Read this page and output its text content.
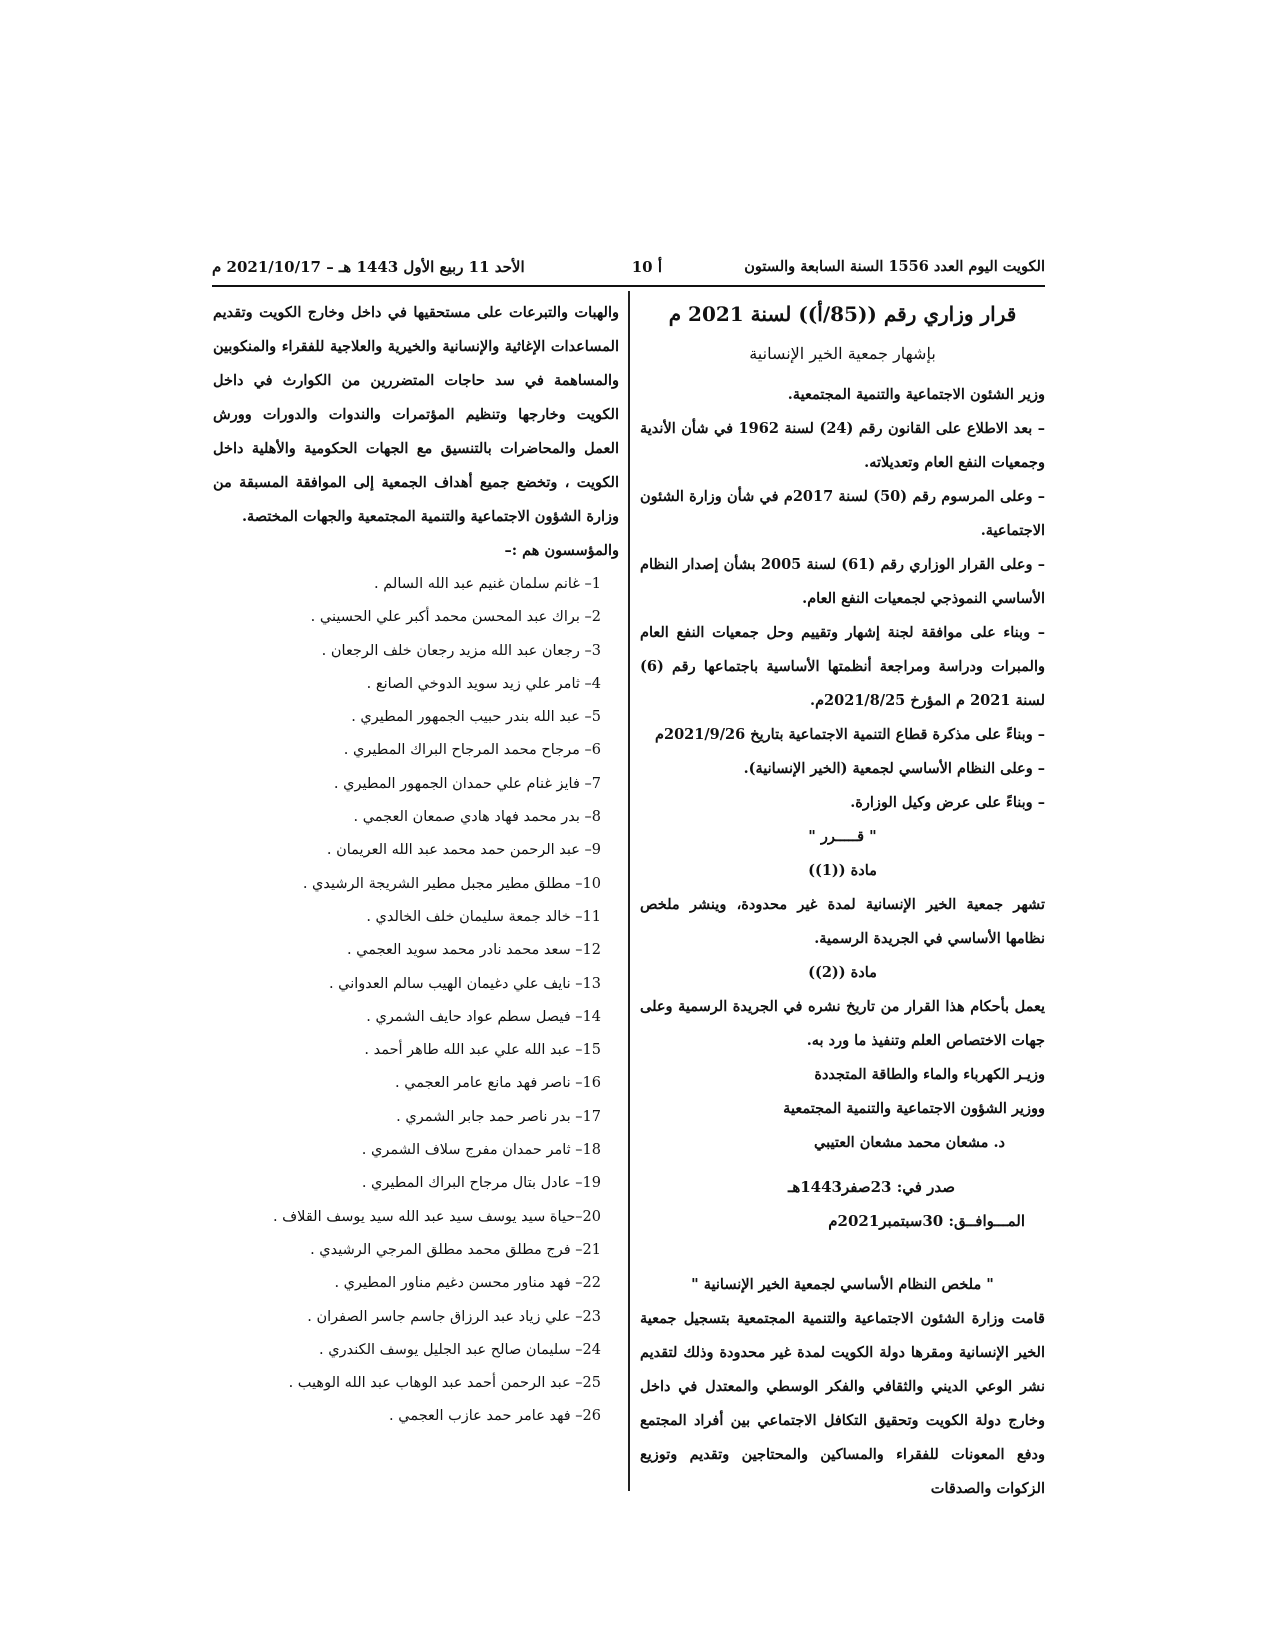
الكويت اليوم العدد 1556 السنة السابعة والستون
أ 10
الأحد 11 ربيع الأول 1443 هـ – 2021/10/17 م

قرار وزاري رقم ((85/أ)) لسنة 2021 م

بإشهار جمعية الخير الإنسانية

وزير الشئون الاجتماعية والتنمية المجتمعية.

– بعد الاطلاع على القانون رقم (24) لسنة 1962 في شأن الأندية وجمعيات النفع العام وتعديلاته.

– وعلى المرسوم رقم (50) لسنة 2017م في شأن وزارة الشئون الاجتماعية.

– وعلى القرار الوزاري رقم (61) لسنة 2005 بشأن إصدار النظام الأساسي النموذجي لجمعيات النفع العام.

– وبناء على موافقة لجنة إشهار وتقييم وحل جمعيات النفع العام والمبرات ودراسة ومراجعة أنظمتها الأساسية باجتماعها رقم (6) لسنة 2021 م المؤرخ 2021/8/25م.

– وبناءً على مذكرة قطاع التنمية الاجتماعية بتاريخ 2021/9/26م

– وعلى النظام الأساسي لجمعية (الخير الإنسانية).

– وبناءً على عرض وكيل الوزارة.

" قـــــرر "

مادة ((1))

تشهر جمعية الخير الإنسانية لمدة غير محدودة، وينشر ملخص نظامها الأساسي في الجريدة الرسمية.

مادة ((2))

يعمل بأحكام هذا القرار من تاريخ نشره في الجريدة الرسمية وعلى جهات الاختصاص العلم وتنفيذ ما ورد به.

وزيـر الكهرباء والماء والطاقة المتجددة

ووزير الشؤون الاجتماعية والتنمية المجتمعية

د. مشعان محمد مشعان العتيبي

صدر في: 23صفر1443هـ

المـــوافــق: 30سبتمبر2021م

" ملخص النظام الأساسي لجمعية الخير الإنسانية "

قامت وزارة الشئون الاجتماعية والتنمية المجتمعية بتسجيل جمعية الخير الإنسانية ومقرها دولة الكويت لمدة غير محدودة وذلك لتقديم نشر الوعي الديني والثقافي والفكر الوسطي والمعتدل في داخل وخارج دولة الكويت وتحقيق التكافل الاجتماعي بين أفراد المجتمع ودفع المعونات للفقراء والمساكين والمحتاجين وتقديم وتوزيع الزكوات والصدقات

والهبات والتبرعات على مستحقيها في داخل وخارج الكويت وتقديم المساعدات الإغاثية والإنسانية والخيرية والعلاجية للفقراء والمنكوبين والمساهمة في سد حاجات المتضررين من الكوارث في داخل الكويت وخارجها وتنظيم المؤتمرات والندوات والدورات وورش العمل والمحاضرات بالتنسيق مع الجهات الحكومية والأهلية داخل الكويت ، وتخضع جميع أهداف الجمعية إلى الموافقة المسبقة من وزارة الشؤون الاجتماعية والتنمية المجتمعية والجهات المختصة.

والمؤسسون هم :–

1– غانم سلمان غنيم عبد الله السالم .
2– براك عبد المحسن محمد أكبر علي الحسيني .
3– رجعان عبد الله مزيد رجعان خلف الرجعان .
4– ثامر علي زيد سويد الدوخي الصانع .
5– عبد الله بندر حبيب الجمهور المطيري .
6– مرجاح محمد المرجاح البراك المطيري .
7– فايز غنام علي حمدان الجمهور المطيري .
8– بدر محمد فهاد هادي صمعان العجمي .
9– عبد الرحمن حمد محمد عبد الله العريمان .
10– مطلق مطير مجبل مطير الشريجة الرشيدي .
11– خالد جمعة سليمان خلف الخالدي .
12– سعد محمد نادر محمد سويد العجمي .
13– نايف علي دغيمان الهيب سالم العدواني .
14– فيصل سطم عواد حايف الشمري .
15– عبد الله علي عبد الله طاهر أحمد .
16– ناصر فهد مانع عامر العجمي .
17– بدر ناصر حمد جابر الشمري .
18– ثامر حمدان مفرج سلاف الشمري .
19– عادل بتال مرجاح البراك المطيري .
20–حياة سيد يوسف سيد عبد الله سيد يوسف القلاف .
21– فرج مطلق محمد مطلق المرجي الرشيدي .
22– فهد مناور محسن دغيم مناور المطيري .
23– علي زياد عبد الرزاق جاسم جاسر الصفران .
24– سليمان صالح عبد الجليل يوسف الكندري .
25– عبد الرحمن أحمد عبد الوهاب عبد الله الوهيب .
26– فهد عامر حمد عازب العجمي .
